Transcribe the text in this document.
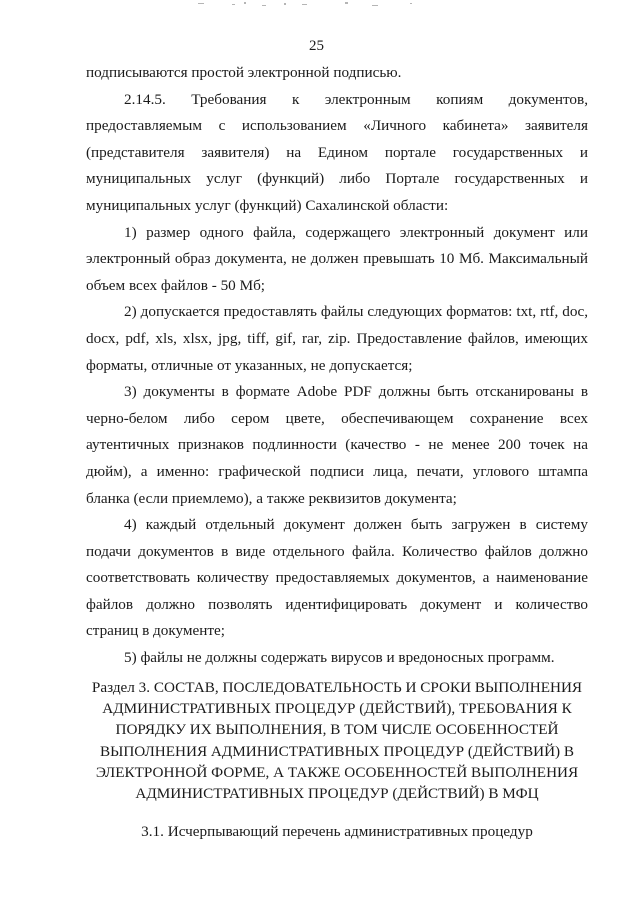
25

подписываются простой электронной подписью.

2.14.5. Требования к электронным копиям документов, предоставляемым с использованием «Личного кабинета» заявителя (представителя заявителя) на Едином портале государственных и муниципальных услуг (функций) либо Портале государственных и муниципальных услуг (функций) Сахалинской области:

1) размер одного файла, содержащего электронный документ или электронный образ документа, не должен превышать 10 Мб. Максимальный объем всех файлов - 50 Мб;

2) допускается предоставлять файлы следующих форматов: txt, rtf, doc, docx, pdf, xls, xlsx, jpg, tiff, gif, rar, zip. Предоставление файлов, имеющих форматы, отличные от указанных, не допускается;

3) документы в формате Adobe PDF должны быть отсканированы в черно-белом либо сером цвете, обеспечивающем сохранение всех аутентичных признаков подлинности (качество - не менее 200 точек на дюйм), а именно: графической подписи лица, печати, углового штампа бланка (если приемлемо), а также реквизитов документа;

4) каждый отдельный документ должен быть загружен в систему подачи документов в виде отдельного файла. Количество файлов должно соответствовать количеству предоставляемых документов, а наименование файлов должно позволять идентифицировать документ и количество страниц в документе;

5) файлы не должны содержать вирусов и вредоносных программ.

Раздел 3. СОСТАВ, ПОСЛЕДОВАТЕЛЬНОСТЬ И СРОКИ ВЫПОЛНЕНИЯ АДМИНИСТРАТИВНЫХ ПРОЦЕДУР (ДЕЙСТВИЙ), ТРЕБОВАНИЯ К ПОРЯДКУ ИХ ВЫПОЛНЕНИЯ, В ТОМ ЧИСЛЕ ОСОБЕННОСТЕЙ ВЫПОЛНЕНИЯ АДМИНИСТРАТИВНЫХ ПРОЦЕДУР (ДЕЙСТВИЙ) В ЭЛЕКТРОННОЙ ФОРМЕ, А ТАКЖЕ ОСОБЕННОСТЕЙ ВЫПОЛНЕНИЯ АДМИНИСТРАТИВНЫХ ПРОЦЕДУР (ДЕЙСТВИЙ) В МФЦ
3.1. Исчерпывающий перечень административных процедур
